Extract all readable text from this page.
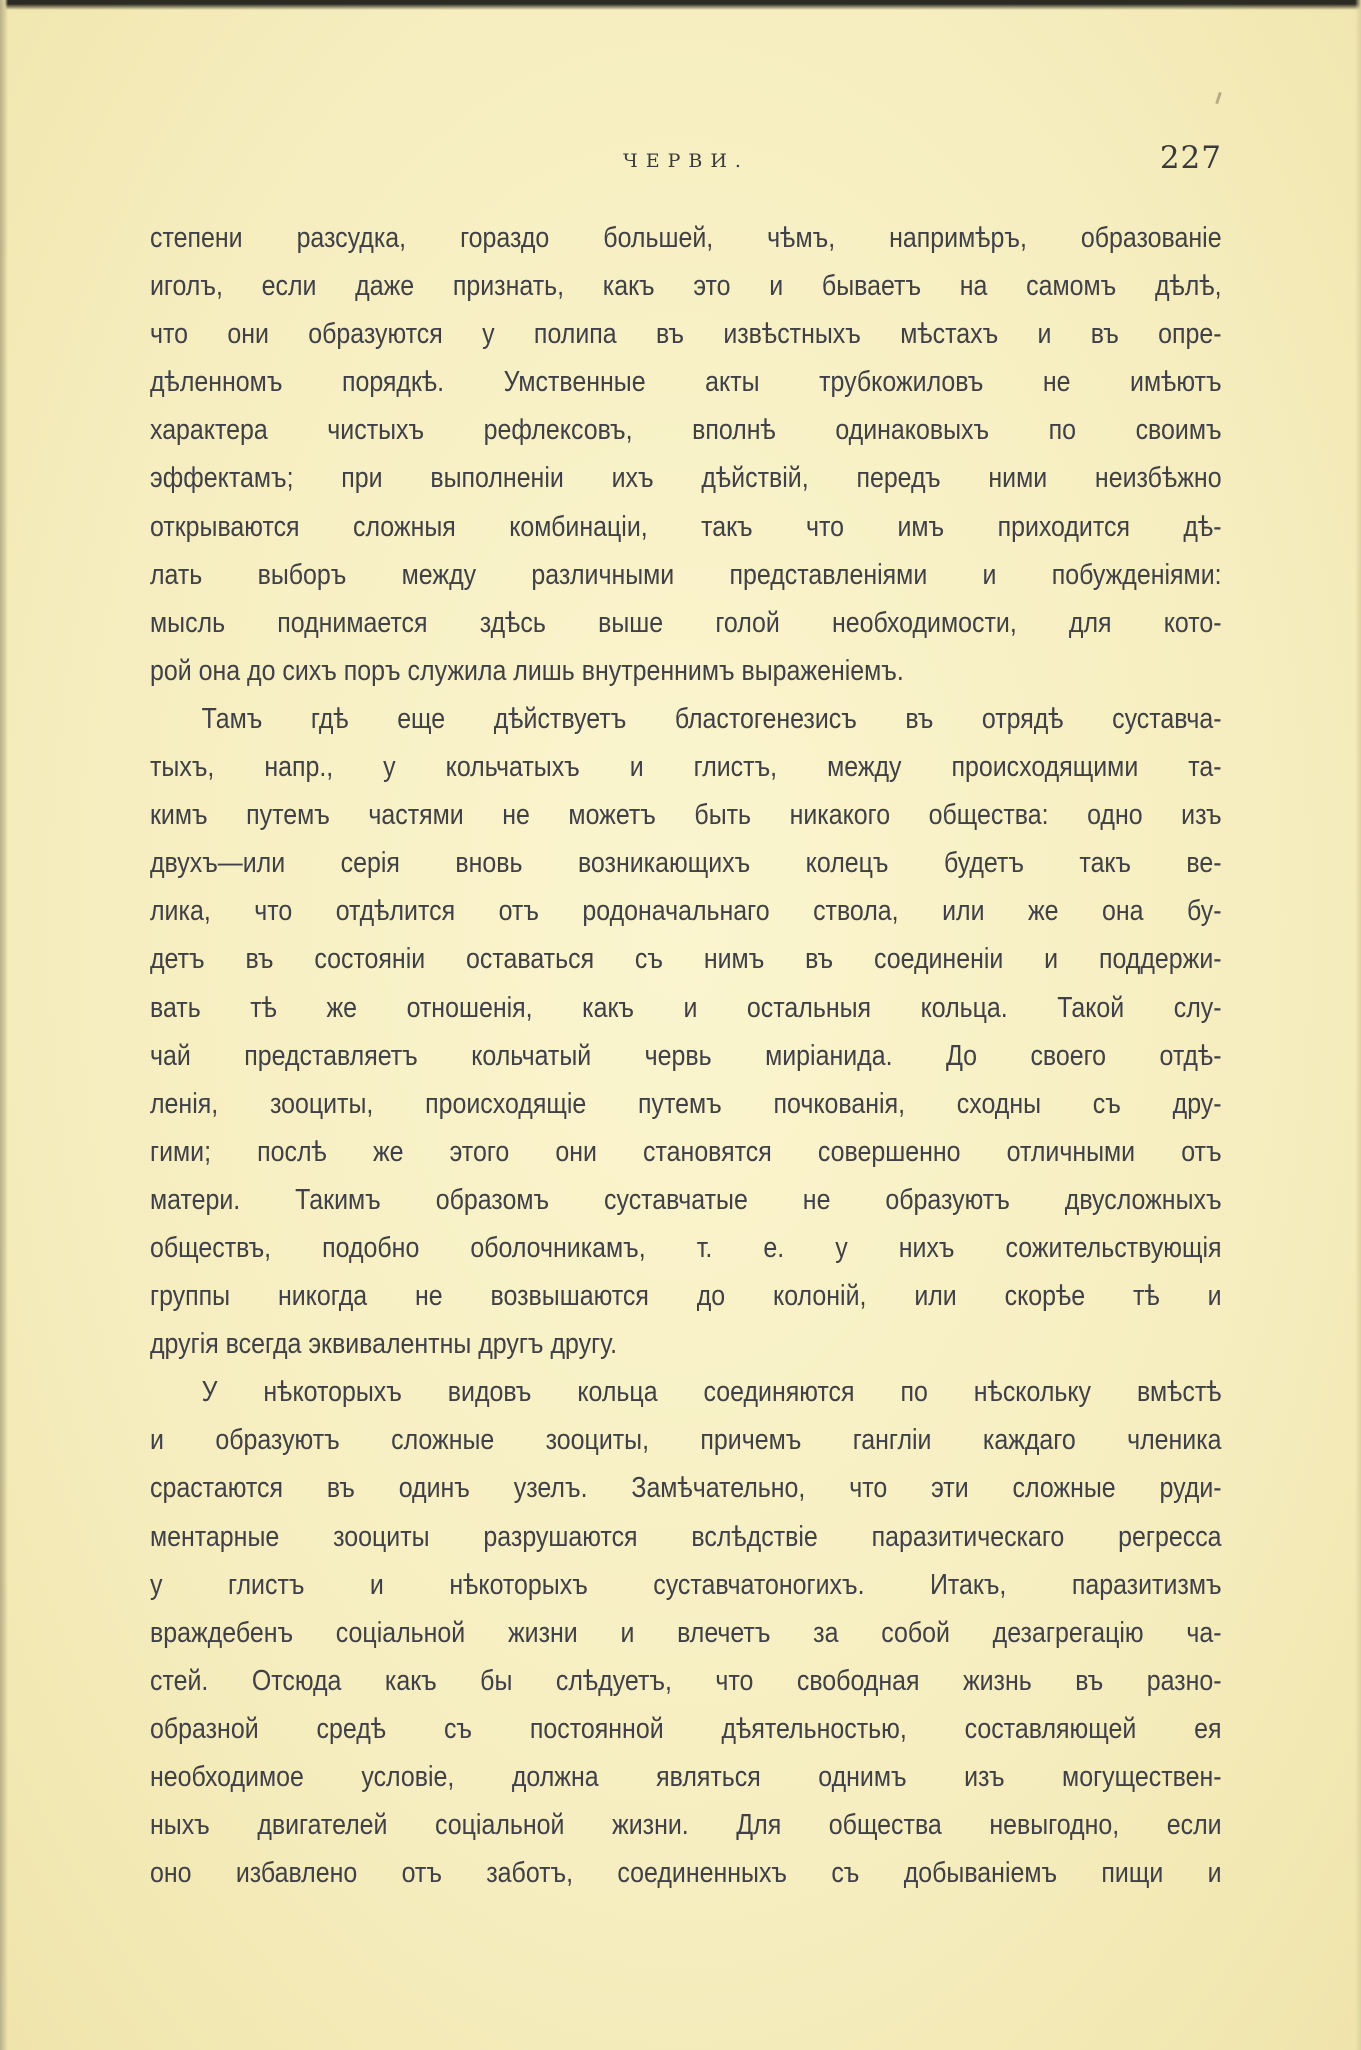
ЧЕРВИ.	227
степени разсудка, гораздо большей, чѣмъ, напримѣръ, образованіе
иголъ, если даже признать, какъ это и бываетъ на самомъ дѣлѣ,
что они образуются у полипа въ извѣстныхъ мѣстахъ и въ опре-
дѣленномъ порядкѣ. Умственные акты трубкожиловъ не имѣютъ
характера чистыхъ рефлексовъ, вполнѣ одинаковыхъ по своимъ
эффектамъ; при выполненіи ихъ дѣйствій, передъ ними неизбѣжно
открываются сложныя комбинаціи, такъ что имъ приходится дѣ-
лать выборъ между различными представленіями и побужденіями:
мысль поднимается здѣсь выше голой необходимости, для кото-
рой она до сихъ поръ служила лишь внутреннимъ выраженіемъ.
Тамъ гдѣ еще дѣйствуетъ бластогенезисъ въ отрядѣ суставча-
тыхъ, напр., у кольчатыхъ и глистъ, между происходящими та-
кимъ путемъ частями не можетъ быть никакого общества: одно изъ
двухъ—или серія вновь возникающихъ колецъ будетъ такъ ве-
лика, что отдѣлится отъ родоначальнаго ствола, или же она бу-
детъ въ состояніи оставаться съ нимъ въ соединеніи и поддержи-
вать тѣ же отношенія, какъ и остальныя кольца. Такой слу-
чай представляетъ кольчатый червь миріанида. До своего отдѣ-
ленія, зооциты, происходящіе путемъ почкованія, сходны съ дру-
гими; послѣ же этого они становятся совершенно отличными отъ
матери. Такимъ образомъ суставчатые не образуютъ двусложныхъ
обществъ, подобно оболочникамъ, т. е. у нихъ сожительствующія
группы никогда не возвышаются до колоній, или скорѣе тѣ и
другія всегда эквивалентны другъ другу.
У нѣкоторыхъ видовъ кольца соединяются по нѣскольку вмѣстѣ
и образуютъ сложные зооциты, причемъ гангліи каждаго членика
срастаются въ одинъ узелъ. Замѣчательно, что эти сложные руди-
ментарные зооциты разрушаются вслѣдствіе паразитическаго регресса
у глистъ и нѣкоторыхъ суставчатоногихъ. Итакъ, паразитизмъ
враждебенъ соціальной жизни и влечетъ за собой дезагрегацію ча-
стей. Отсюда какъ бы слѣдуетъ, что свободная жизнь въ разно-
образной средѣ съ постоянной дѣятельностью, составляющей ея
необходимое условіе, должна являться однимъ изъ могуществен-
ныхъ двигателей соціальной жизни. Для общества невыгодно, если
оно избавлено отъ заботъ, соединенныхъ съ добываніемъ пищи и
